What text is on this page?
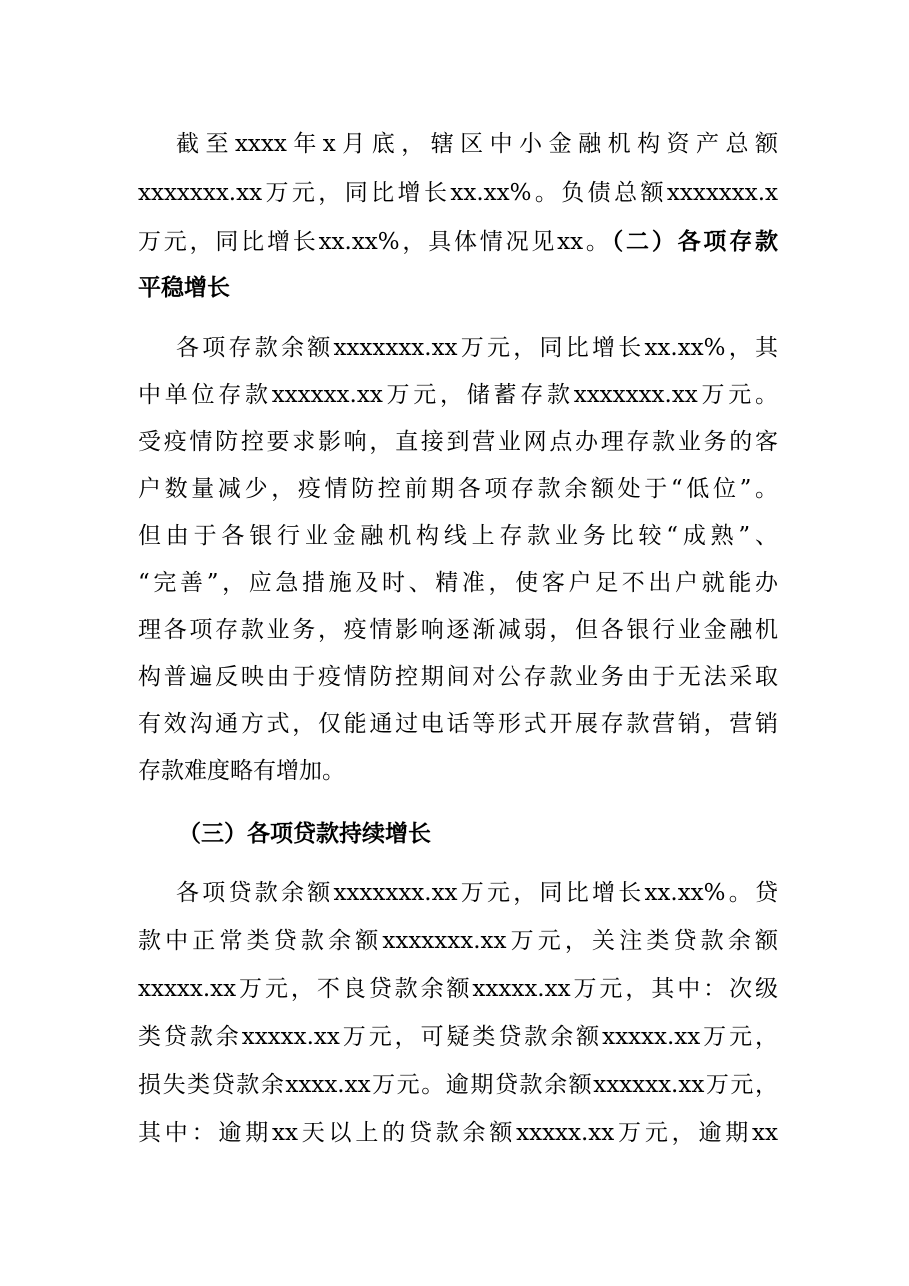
截至xxxx年x月底，辖区中小金融机构资产总额
xxxxxxx.xx万元，同比增长xx.xx%。负债总额xxxxxxx.x
万元，同比增长xx.xx%，具体情况见xx。（二）各项存款
平稳增长
各项存款余额xxxxxxx.xx万元，同比增长xx.xx%，其
中单位存款xxxxxx.xx万元，储蓄存款xxxxxxx.xx万元。
受疫情防控要求影响，直接到营业网点办理存款业务的客
户数量减少，疫情防控前期各项存款余额处于“低位”。
但由于各银行业金融机构线上存款业务比较“成熟”、
“完善”，应急措施及时、精准，使客户足不出户就能办
理各项存款业务，疫情影响逐渐减弱，但各银行业金融机
构普遍反映由于疫情防控期间对公存款业务由于无法采取
有效沟通方式，仅能通过电话等形式开展存款营销，营销
存款难度略有增加。
（三）各项贷款持续增长
各项贷款余额xxxxxxx.xx万元，同比增长xx.xx%。贷
款中正常类贷款余额xxxxxxx.xx万元，关注类贷款余额
xxxxx.xx万元，不良贷款余额xxxxx.xx万元，其中：次级
类贷款余xxxxx.xx万元，可疑类贷款余额xxxxx.xx万元，
损失类贷款余xxxx.xx万元。逾期贷款余额xxxxxx.xx万元，
其中：逾期xx天以上的贷款余额xxxxx.xx万元，逾期xx
